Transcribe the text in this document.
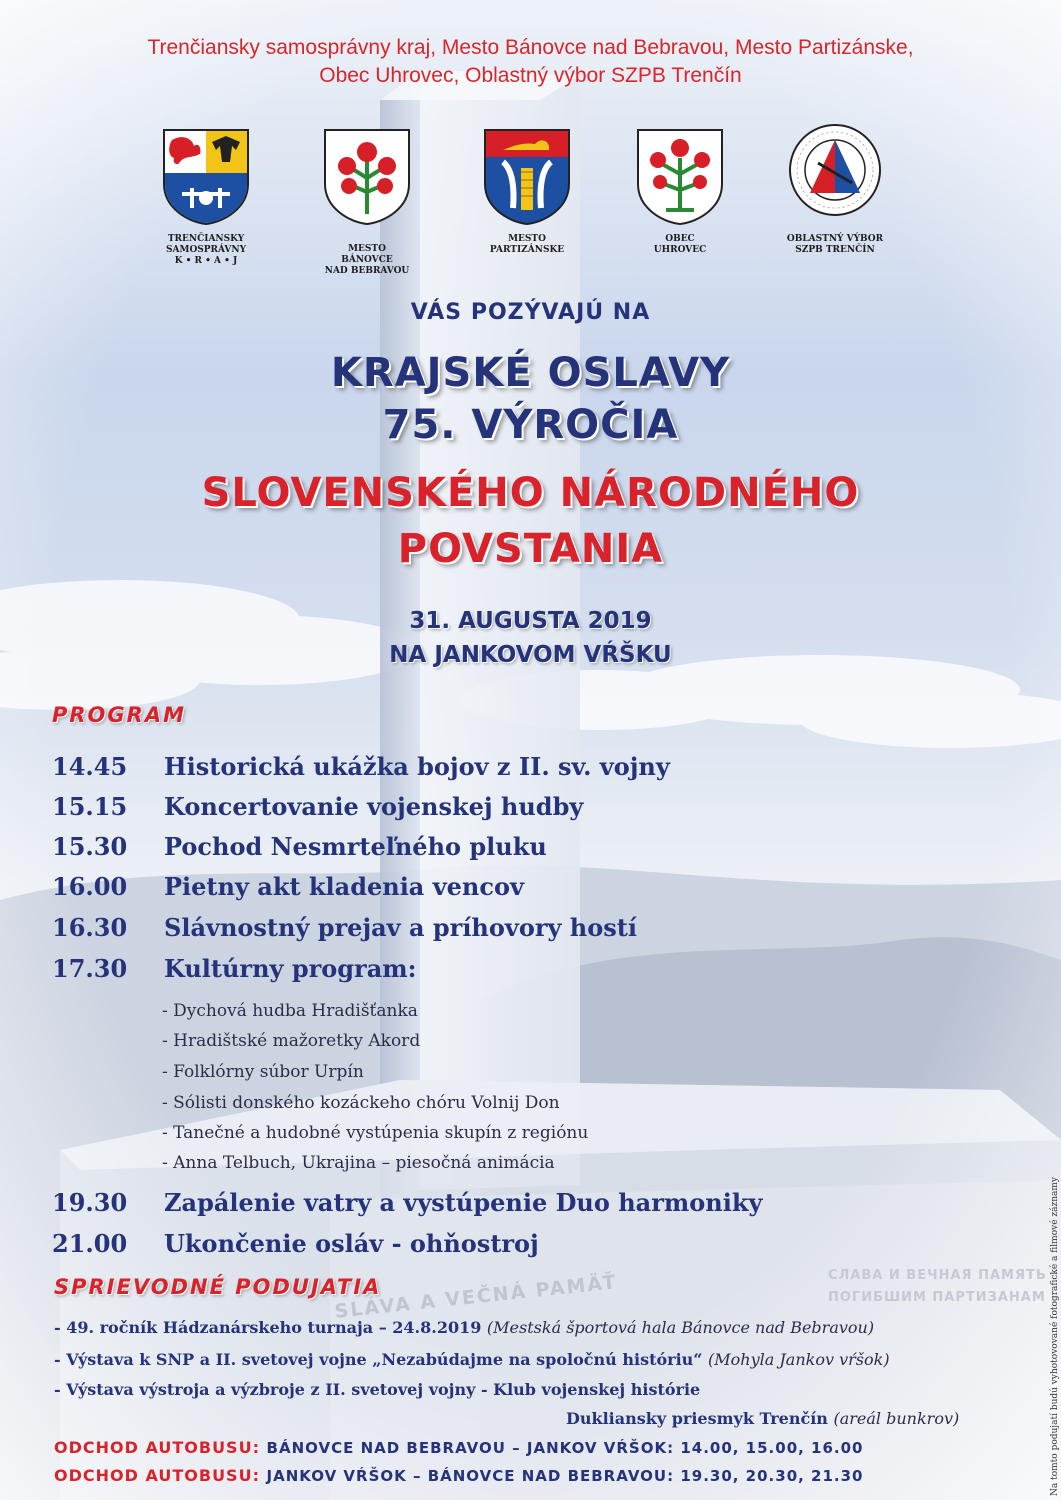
Trenčiansky samosprávny kraj, Mesto Bánovce nad Bebravou, Mesto Partizánske,
Obec Uhrovec, Oblastný výbor SZPB Trenčín
TRENČIANSKY
SAMOSPRÁVNY
K • R • A • J
MESTO
BÁNOVCE
NAD BEBRAVOU
MESTO
PARTIZÁNSKE
OBEC
UHROVEC
OBLASTNÝ VÝBOR
SZPB TRENČÍN
VÁS POZÝVAJÚ NA
KRAJSKÉ OSLAVY
75. VÝROČIA
SLOVENSKÉHO NÁRODNÉHO
POVSTANIA
31. AUGUSTA 2019
NA JANKOVOM VŔŠKU
PROGRAM
14.45 Historická ukážka bojov z II. sv. vojny
15.15 Koncertovanie vojenskej hudby
15.30 Pochod Nesmrteľného pluku
16.00 Pietny akt kladenia vencov
16.30 Slávnostný prejav a príhovory hostí
17.30 Kultúrny program:
- Dychová hudba Hradišťanka
- Hradištské mažoretky Akord
- Folklórny súbor Urpín
- Sólisti donského kozáckeho chóru Volnij Don
- Tanečné a hudobné vystúpenia skupín z regiónu
- Anna Telbuch, Ukrajina – piesočná animácia
19.30 Zapálenie vatry a vystúpenie Duo harmoniky
21.00 Ukončenie osláv - ohňostroj
SLÁVA A VEČNÁ PAMÄŤ	СЛАВА И ВЕЧНАЯ ПАМЯТЬ
ПОГИБШИМ ПАРТИЗАНАМ
SPRIEVODNÉ PODUJATIA
- 49. ročník Hádzanárskeho turnaja – 24.8.2019 (Mestská športová hala Bánovce nad Bebravou)
- Výstava k SNP a II. svetovej vojne „Nezabúdajme na spoločnú históriu“ (Mohyla Jankov vŕšok)
- Výstava výstroja a výzbroje z II. svetovej vojny - Klub vojenskej histórie
Dukliansky priesmyk Trenčín (areál bunkrov)
ODCHOD AUTOBUSU: BÁNOVCE NAD BEBRAVOU – JANKOV VŔŠOK: 14.00, 15.00, 16.00
ODCHOD AUTOBUSU: JANKOV VŔŠOK – BÁNOVCE NAD BEBRAVOU: 19.30, 20.30, 21.30	Na tomto podujatí budú vyhotovované fotografické a filmové záznamy
